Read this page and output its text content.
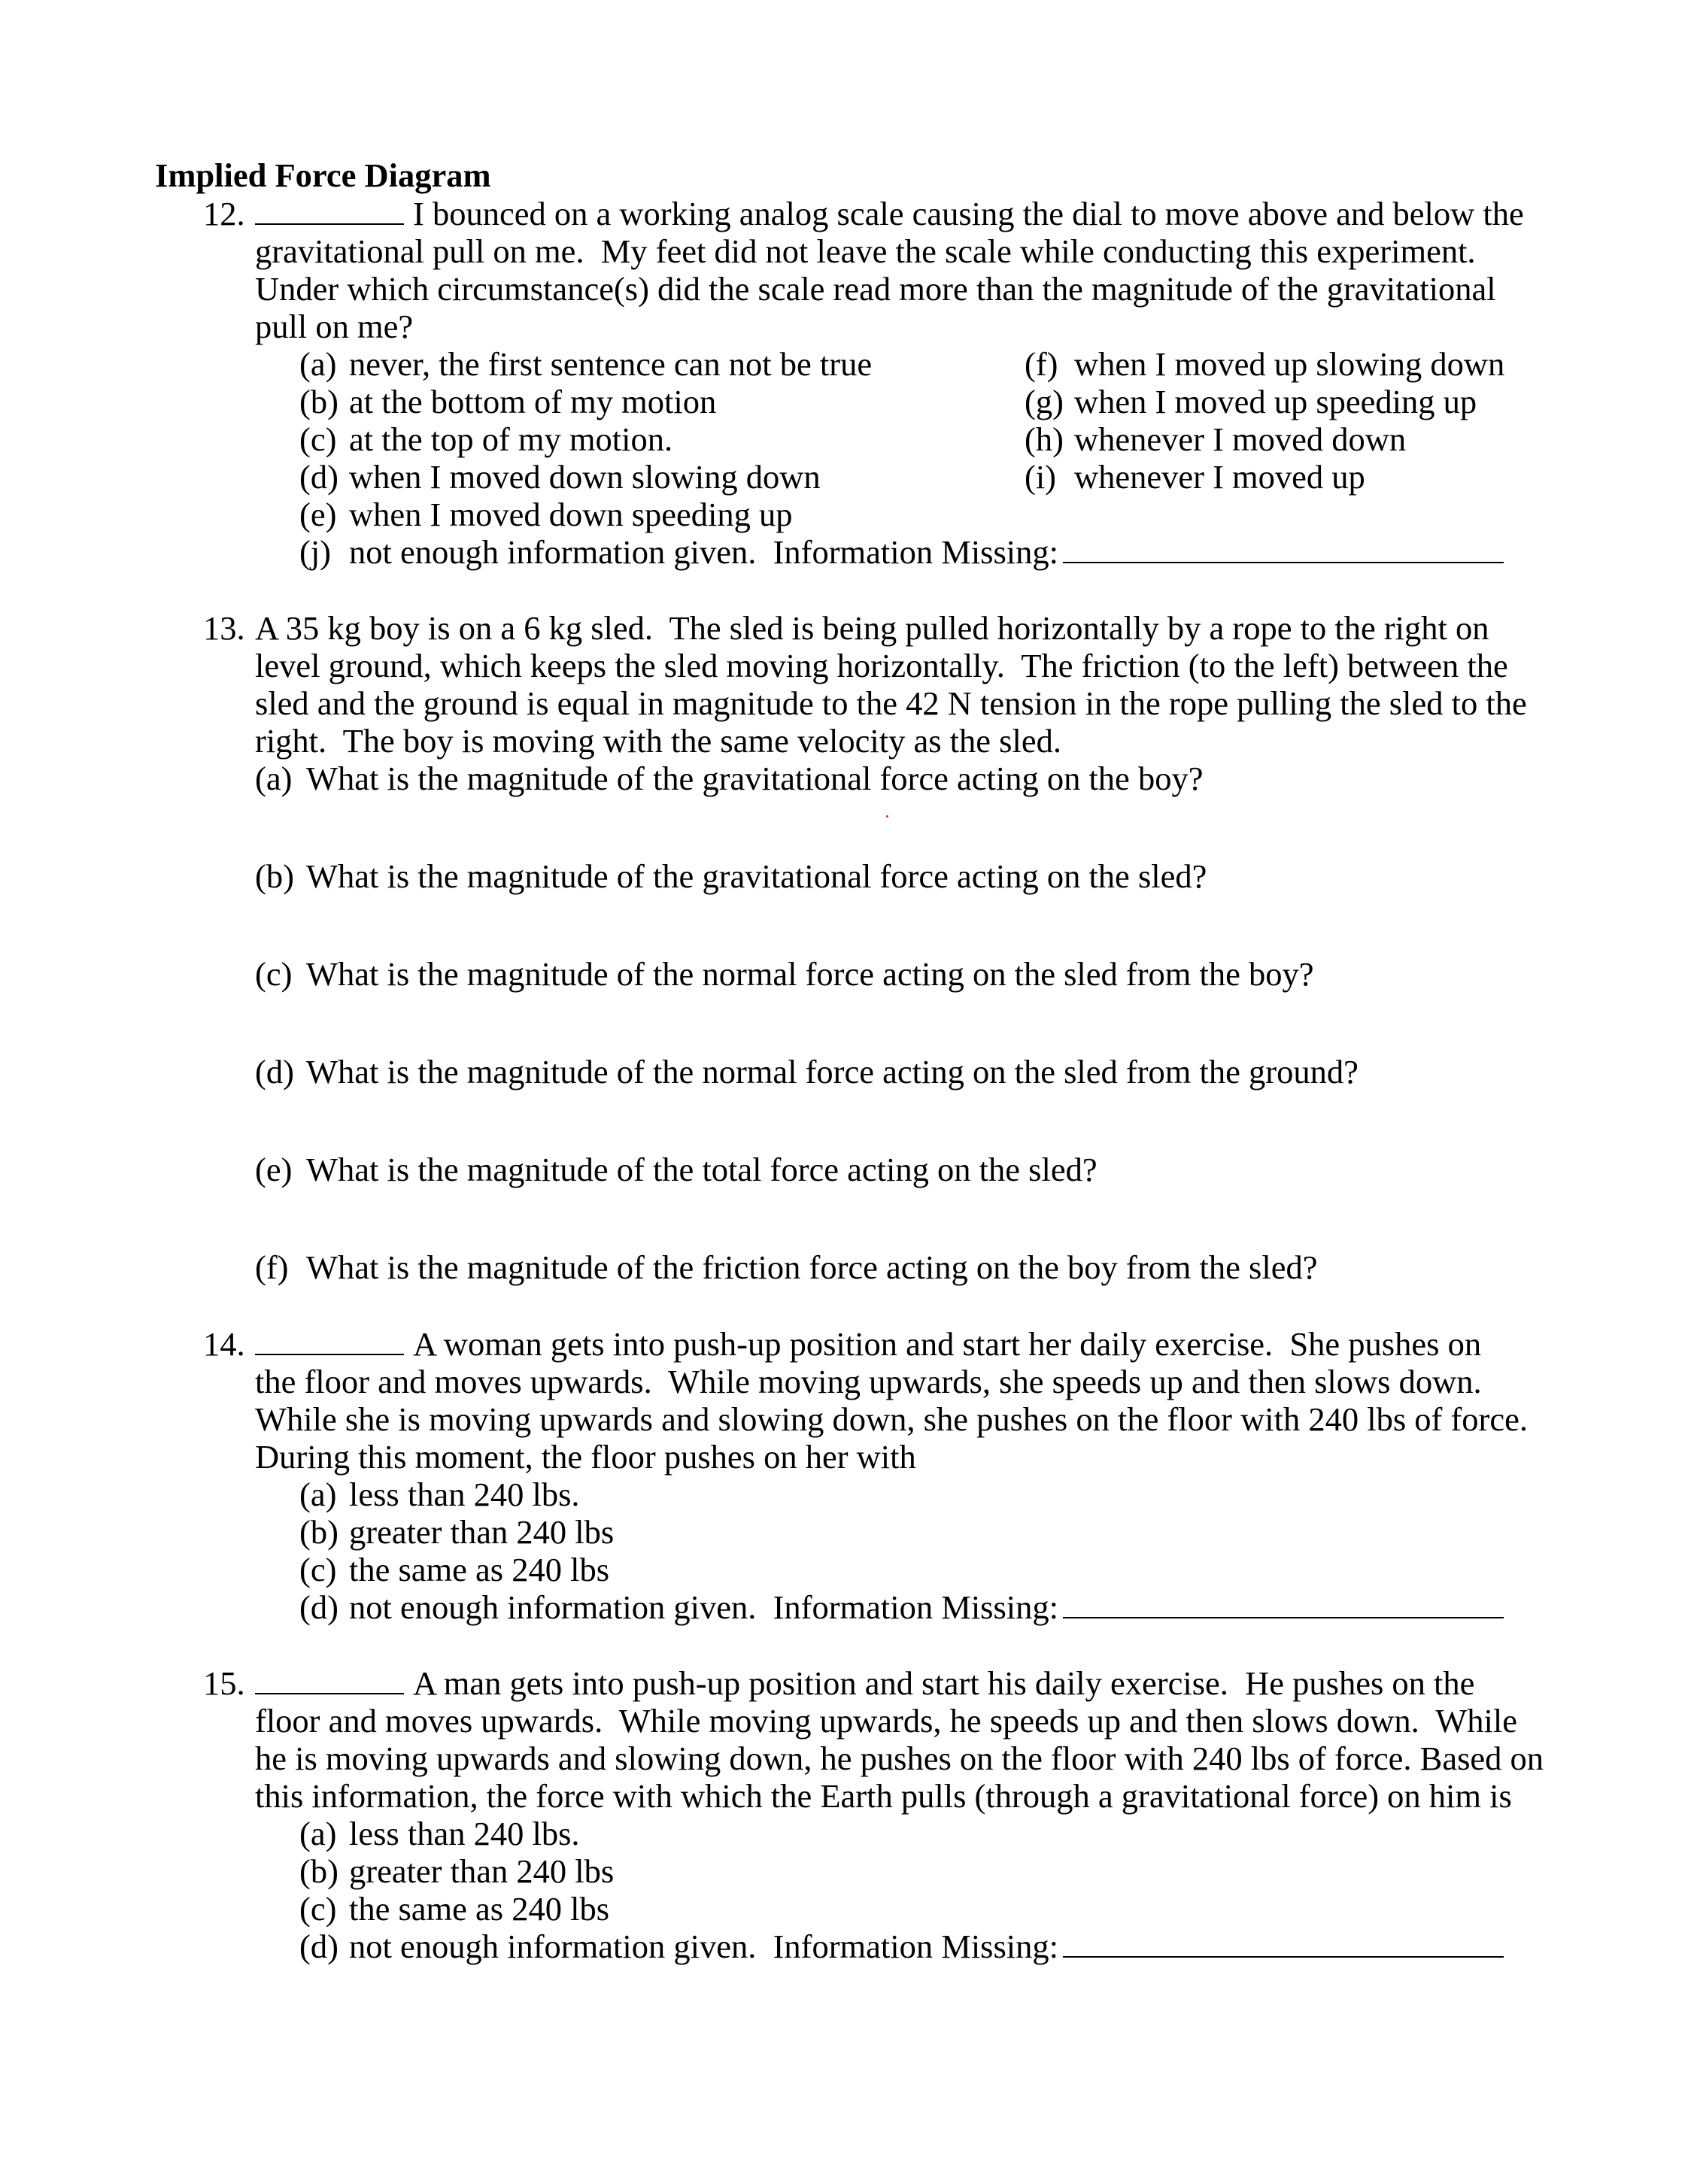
Implied Force Diagram
12.	I bounced on a working analog scale causing the dial to move above and below the
gravitational pull on me.  My feet did not leave the scale while conducting this experiment.
Under which circumstance(s) did the scale read more than the magnitude of the gravitational
pull on me?
(a) never, the first sentence can not be true
(b) at the bottom of my motion
(c) at the top of my motion.
(d) when I moved down slowing down
(e) when I moved down speeding up
(j) not enough information given.  Information Missing:
(f) when I moved up slowing down
(g) when I moved up speeding up
(h) whenever I moved down
(i) whenever I moved up
13. A 35 kg boy is on a 6 kg sled.  The sled is being pulled horizontally by a rope to the right on
level ground, which keeps the sled moving horizontally.  The friction (to the left) between the
sled and the ground is equal in magnitude to the 42 N tension in the rope pulling the sled to the
right.  The boy is moving with the same velocity as the sled.
(a) What is the magnitude of the gravitational force acting on the boy?
(b) What is the magnitude of the gravitational force acting on the sled?
(c) What is the magnitude of the normal force acting on the sled from the boy?
(d) What is the magnitude of the normal force acting on the sled from the ground?
(e) What is the magnitude of the total force acting on the sled?
(f) What is the magnitude of the friction force acting on the boy from the sled?
14.	A woman gets into push-up position and start her daily exercise.  She pushes on
the floor and moves upwards.  While moving upwards, she speeds up and then slows down.
While she is moving upwards and slowing down, she pushes on the floor with 240 lbs of force.
During this moment, the floor pushes on her with
(a) less than 240 lbs.
(b) greater than 240 lbs
(c) the same as 240 lbs
(d) not enough information given.  Information Missing:
15.	A man gets into push-up position and start his daily exercise.  He pushes on the
floor and moves upwards.  While moving upwards, he speeds up and then slows down.  While
he is moving upwards and slowing down, he pushes on the floor with 240 lbs of force. Based on
this information, the force with which the Earth pulls (through a gravitational force) on him is
(a) less than 240 lbs.
(b) greater than 240 lbs
(c) the same as 240 lbs
(d) not enough information given.  Information Missing:
